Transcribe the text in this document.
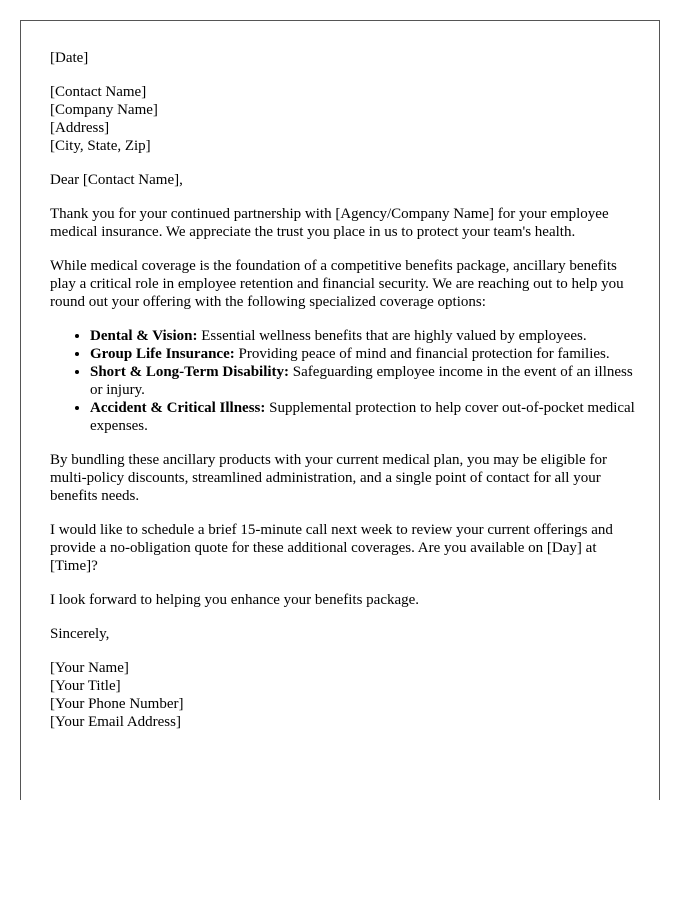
[Date]

[Contact Name]
[Company Name]
[Address]
[City, State, Zip]

Dear [Contact Name],

Thank you for your continued partnership with [Agency/Company Name] for your employee medical insurance. We appreciate the trust you place in us to protect your team's health.

While medical coverage is the foundation of a competitive benefits package, ancillary benefits play a critical role in employee retention and financial security. We are reaching out to help you round out your offering with the following specialized coverage options:

• Dental & Vision: Essential wellness benefits that are highly valued by employees.
• Group Life Insurance: Providing peace of mind and financial protection for families.
• Short & Long-Term Disability: Safeguarding employee income in the event of an illness or injury.
• Accident & Critical Illness: Supplemental protection to help cover out-of-pocket medical expenses.

By bundling these ancillary products with your current medical plan, you may be eligible for multi-policy discounts, streamlined administration, and a single point of contact for all your benefits needs.

I would like to schedule a brief 15-minute call next week to review your current offerings and provide a no-obligation quote for these additional coverages. Are you available on [Day] at [Time]?

I look forward to helping you enhance your benefits package.

Sincerely,

[Your Name]
[Your Title]
[Your Phone Number]
[Your Email Address]
